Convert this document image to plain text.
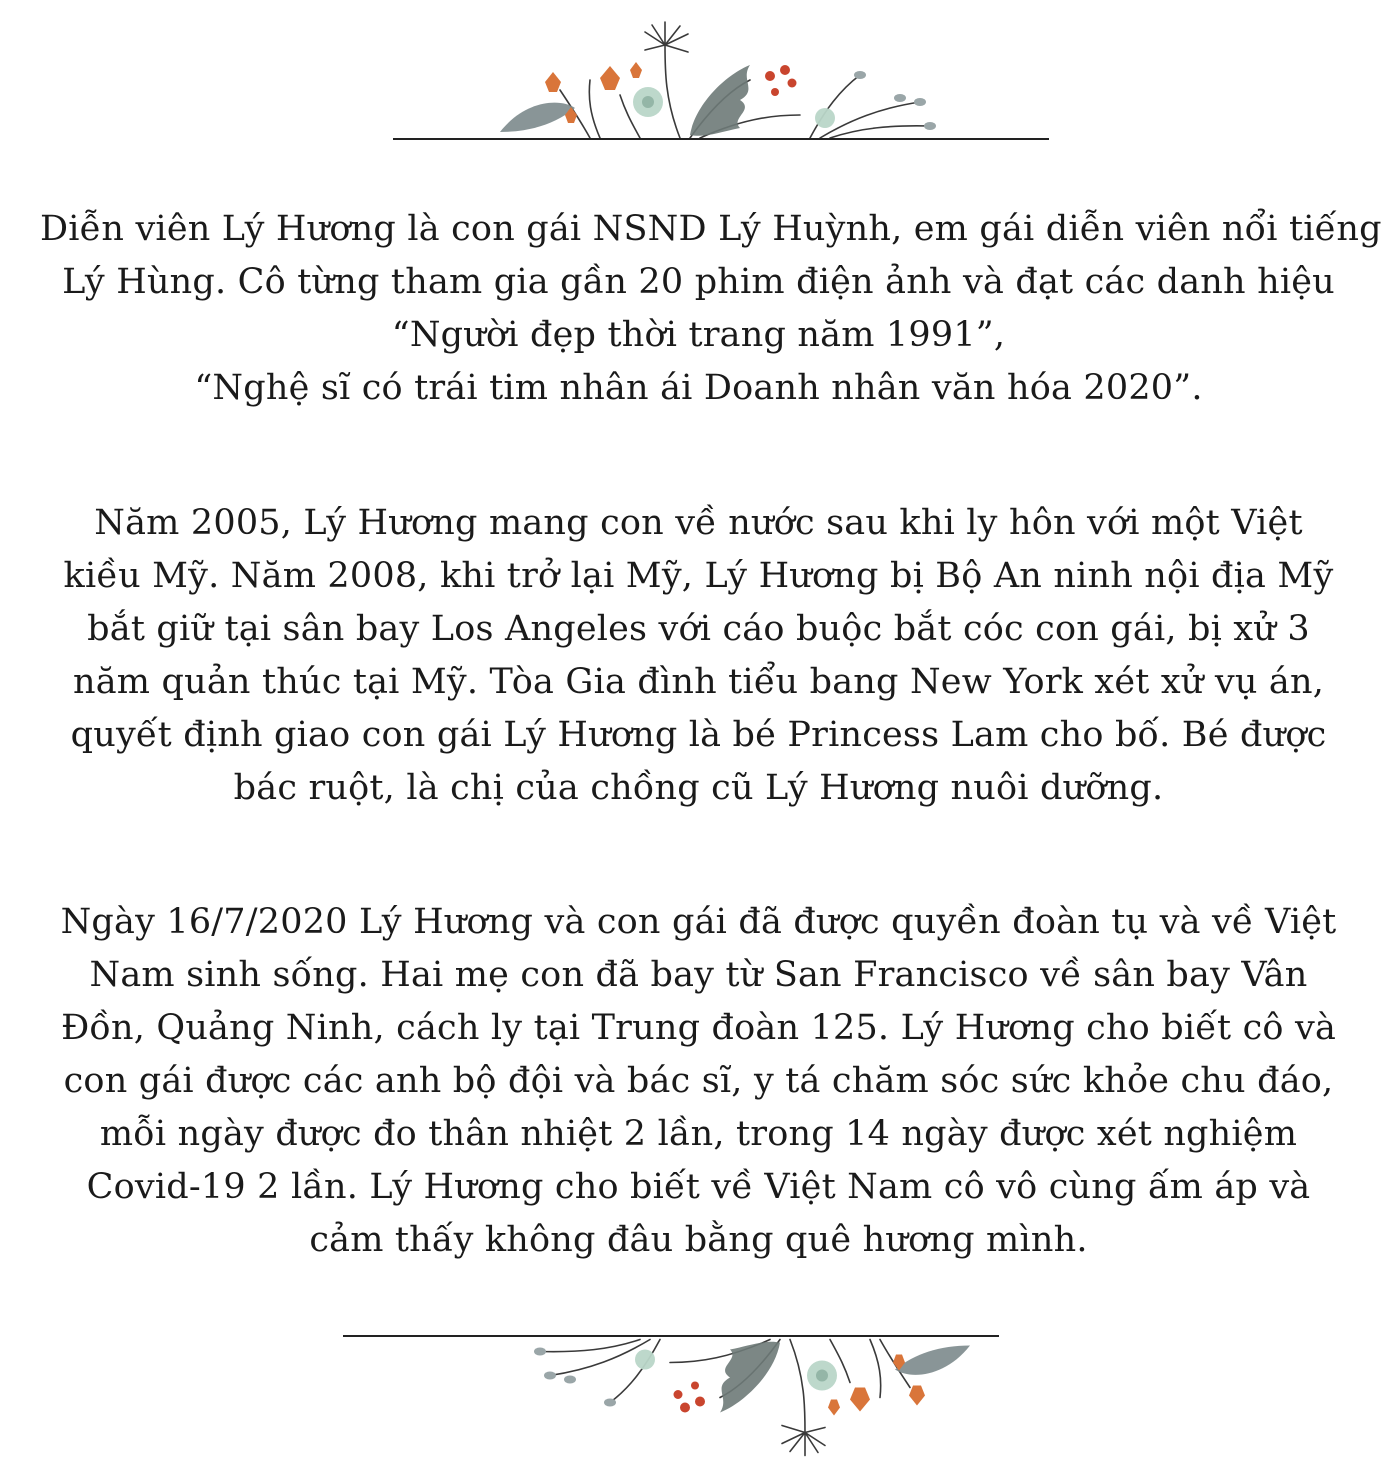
Diễn viên Lý Hương là con gái NSND Lý Huỳnh, em gái diễn viên nổi tiếng
Lý Hùng. Cô từng tham gia gần 20 phim điện ảnh và đạt các danh hiệu
“Người đẹp thời trang năm 1991”,
“Nghệ sĩ có trái tim nhân ái Doanh nhân văn hóa 2020”.

Năm 2005, Lý Hương mang con về nước sau khi ly hôn với một Việt
kiều Mỹ. Năm 2008, khi trở lại Mỹ, Lý Hương bị Bộ An ninh nội địa Mỹ
bắt giữ tại sân bay Los Angeles với cáo buộc bắt cóc con gái, bị xử 3
năm quản thúc tại Mỹ. Tòa Gia đình tiểu bang New York xét xử vụ án,
quyết định giao con gái Lý Hương là bé Princess Lam cho bố. Bé được
bác ruột, là chị của chồng cũ Lý Hương nuôi dưỡng.

Ngày 16/7/2020 Lý Hương và con gái đã được quyền đoàn tụ và về Việt
Nam sinh sống. Hai mẹ con đã bay từ San Francisco về sân bay Vân
Đồn, Quảng Ninh, cách ly tại Trung đoàn 125. Lý Hương cho biết cô và
con gái được các anh bộ đội và bác sĩ, y tá chăm sóc sức khỏe chu đáo,
mỗi ngày được đo thân nhiệt 2 lần, trong 14 ngày được xét nghiệm
Covid-19 2 lần. Lý Hương cho biết về Việt Nam cô vô cùng ấm áp và
cảm thấy không đâu bằng quê hương mình.
